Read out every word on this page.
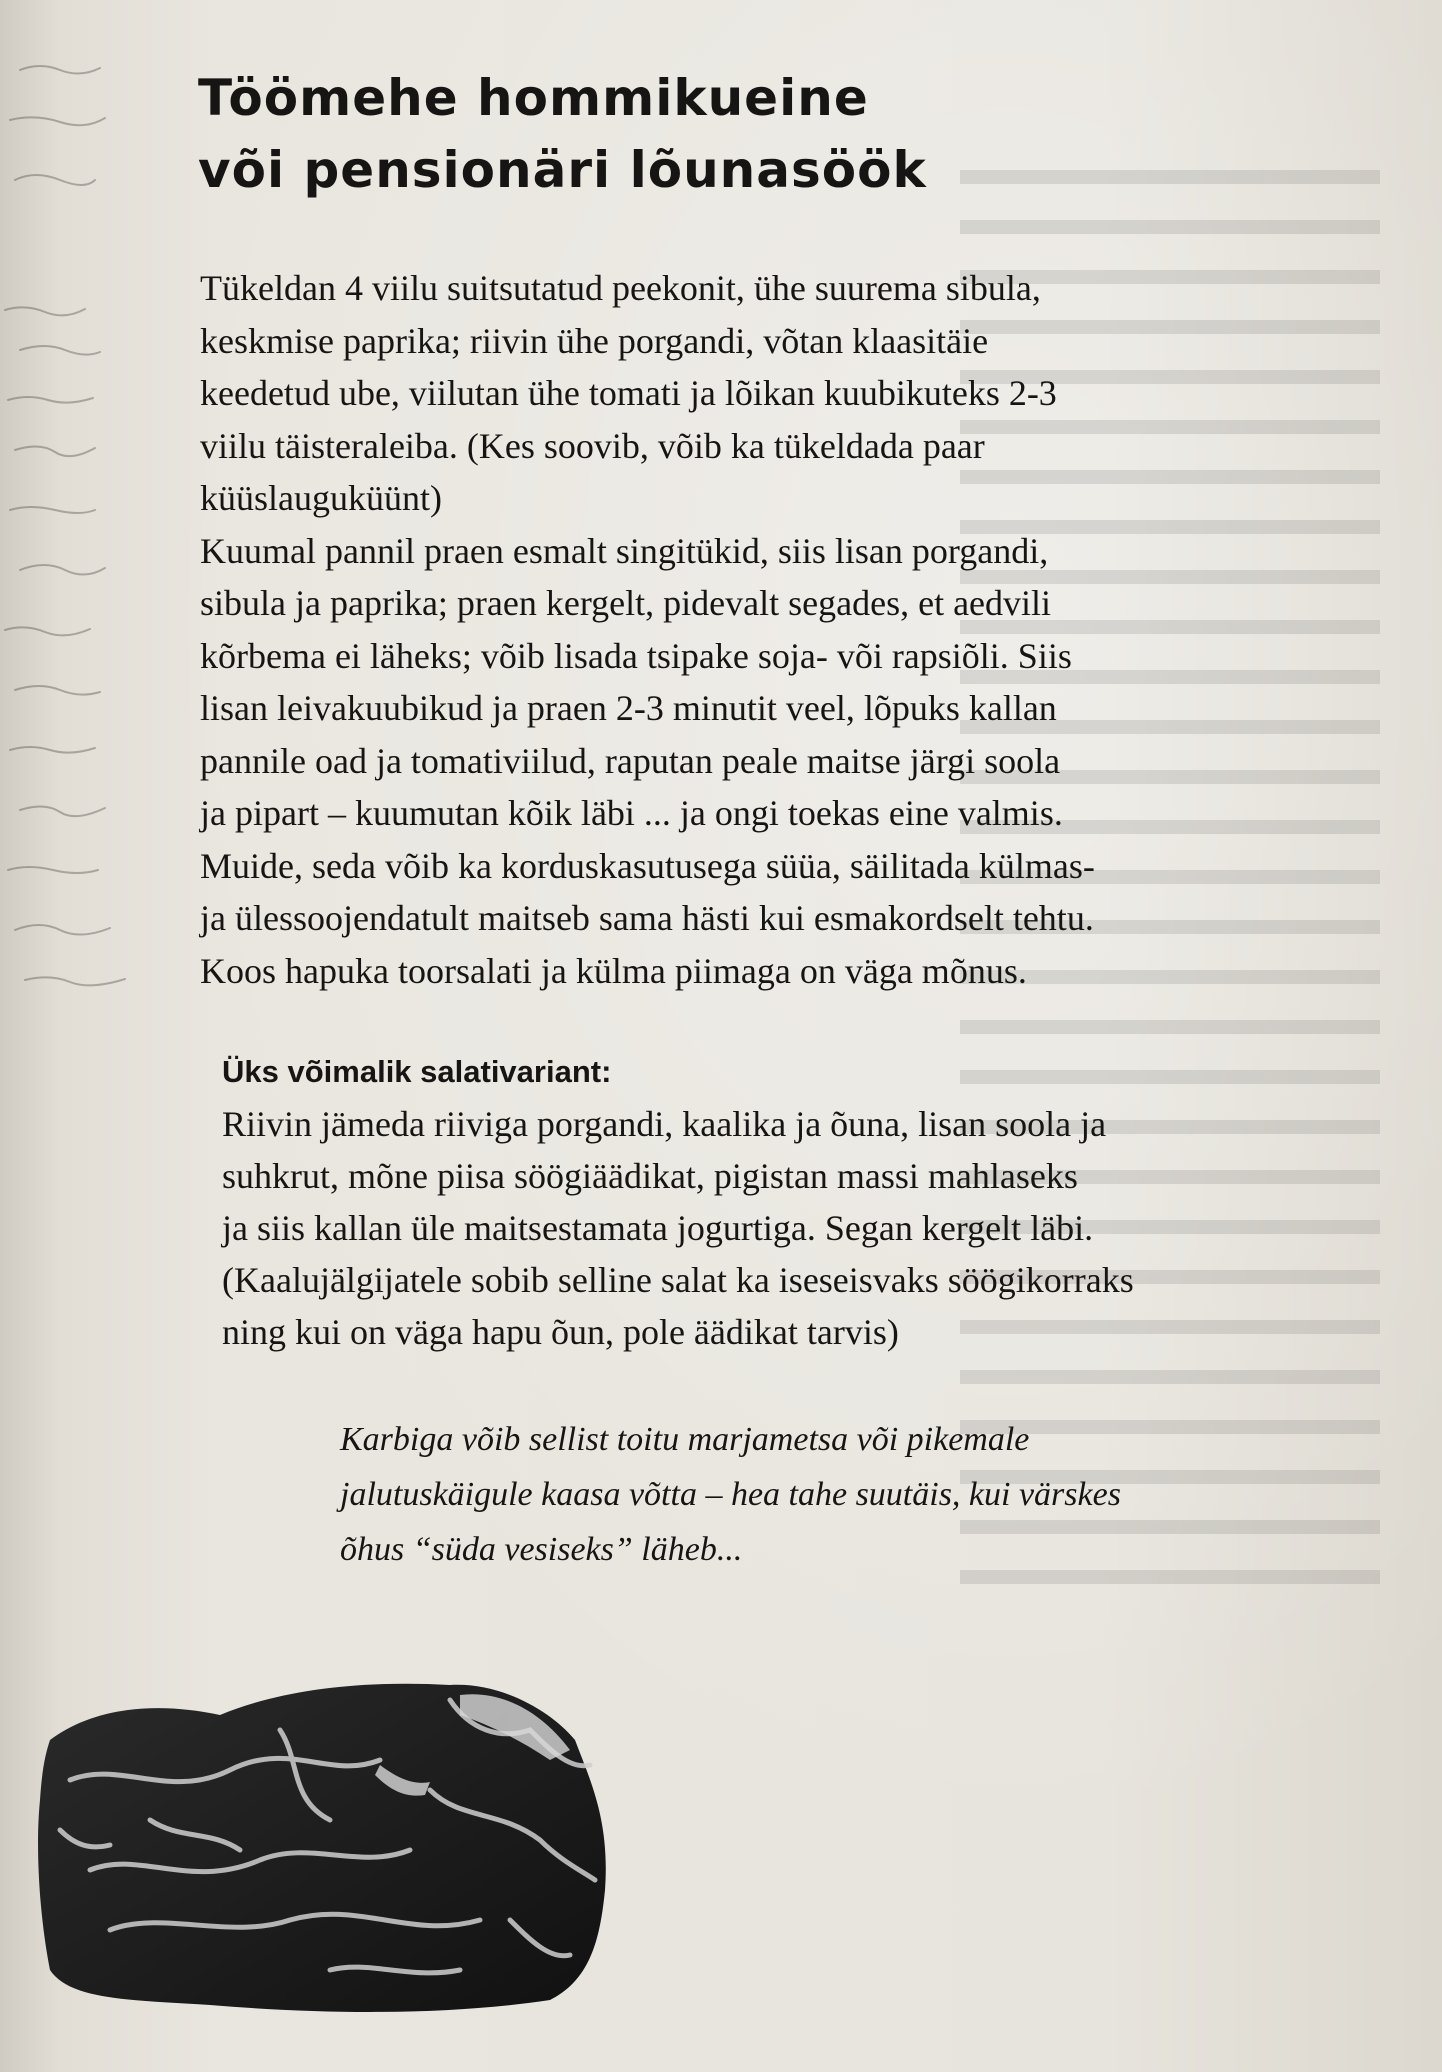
Töömehe hommikueine
või pensionäri lõunasöök

Tükeldan 4 viilu suitsutatud peekonit, ühe suurema sibula,
keskmise paprika; riivin ühe porgandi, võtan klaasitäie
keedetud ube, viilutan ühe tomati ja lõikan kuubikuteks 2-3
viilu täisteraleiba. (Kes soovib, võib ka tükeldada paar
küüslauguküünt)
Kuumal pannil praen esmalt singitükid, siis lisan porgandi,
sibula ja paprika; praen kergelt, pidevalt segades, et aedvili
kõrbema ei läheks; võib lisada tsipake soja- või rapsiõli. Siis
lisan leivakuubikud ja praen 2-3 minutit veel, lõpuks kallan
pannile oad ja tomativiilud, raputan peale maitse järgi soola
ja pipart – kuumutan kõik läbi ... ja ongi toekas eine valmis.
Muide, seda võib ka korduskasutusega süüa, säilitada külmas-
ja ülessoojendatult maitseb sama hästi kui esmakordselt tehtu.
Koos hapuka toorsalati ja külma piimaga on väga mõnus.

Üks võimalik salativariant:

Riivin jämeda riiviga porgandi, kaalika ja õuna, lisan soola ja
suhkrut, mõne piisa söögiäädikat, pigistan massi mahlaseks
ja siis kallan üle maitsestamata jogurtiga. Segan kergelt läbi.
(Kaalujälgijatele sobib selline salat ka iseseisvaks söögikorraks
ning kui on väga hapu õun, pole äädikat tarvis)

Karbiga võib sellist toitu marjametsa või pikemale
jalutuskäigule kaasa võtta – hea tahe suutäis, kui värskes
õhus “süda vesiseks” läheb...
